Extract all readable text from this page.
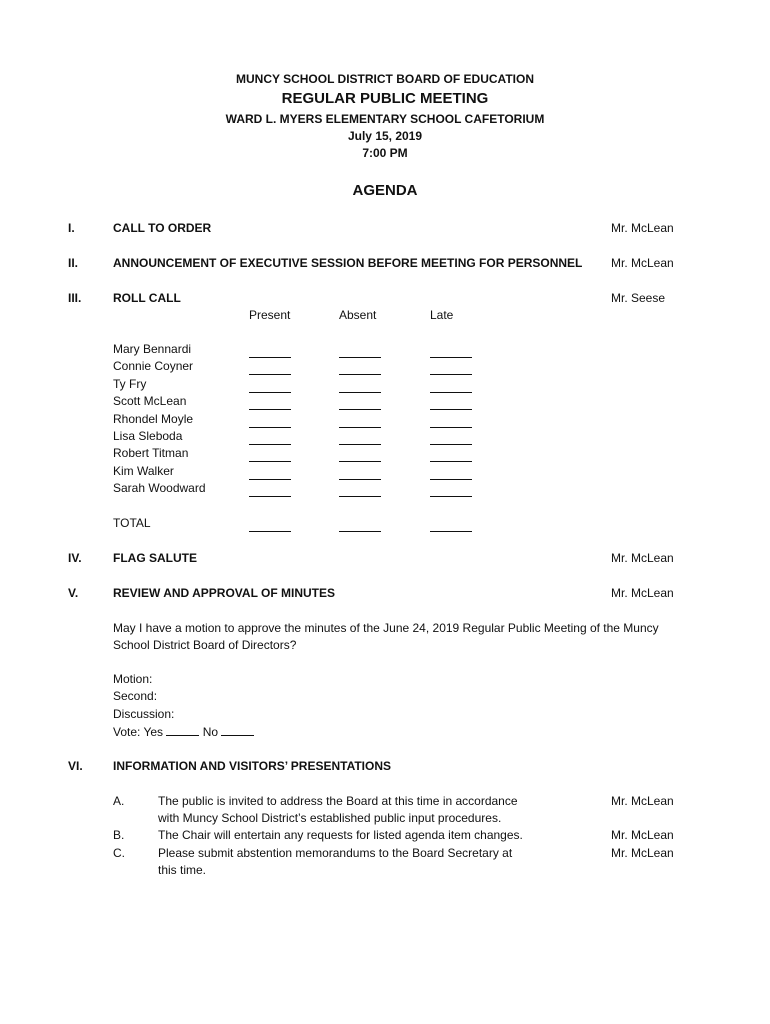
MUNCY SCHOOL DISTRICT BOARD OF EDUCATION
REGULAR PUBLIC MEETING
WARD L. MYERS ELEMENTARY SCHOOL CAFETORIUM
July 15, 2019
7:00 PM
AGENDA
I.	CALL TO ORDER	Mr. McLean
II.	ANNOUNCEMENT OF EXECUTIVE SESSION BEFORE MEETING FOR PERSONNEL Mr. McLean
III.	ROLL CALL	Mr. Seese
Present	Absent	Late
Mary Bennardi
Connie Coyner
Ty Fry
Scott McLean
Rhondel Moyle
Lisa Sleboda
Robert Titman
Kim Walker
Sarah Woodward
TOTAL
IV.	FLAG SALUTE	Mr. McLean
V.	REVIEW AND APPROVAL OF MINUTES	Mr. McLean
May I have a motion to approve the minutes of the June 24, 2019 Regular Public Meeting of the Muncy
School District Board of Directors?
Motion:
Second:
Discussion:
Vote: Yes	No
VI.	INFORMATION AND VISITORS’ PRESENTATIONS
A.	The public is invited to address the Board at this time in accordance
with Muncy School District’s established public input procedures.
Mr. McLean
B.	The Chair will entertain any requests for listed agenda item changes.	Mr. McLean
C.	Please submit abstention memorandums to the Board Secretary at
this time.
Mr. McLean
